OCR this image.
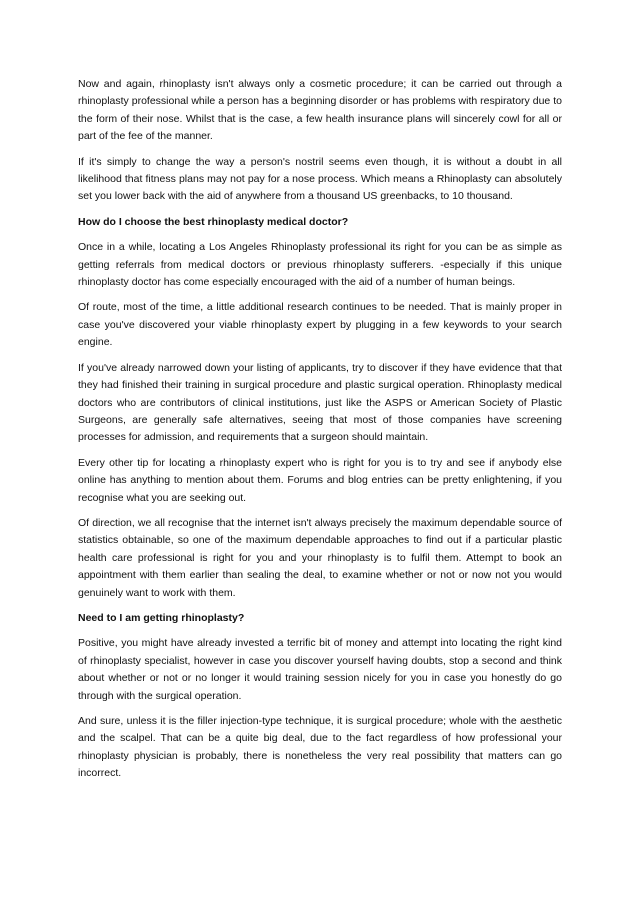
Now and again, rhinoplasty isn't always only a cosmetic procedure; it can be carried out through a rhinoplasty professional while a person has a beginning disorder or has problems with respiratory due to the form of their nose. Whilst that is the case, a few health insurance plans will sincerely cowl for all or part of the fee of the manner.

If it's simply to change the way a person's nostril seems even though, it is without a doubt in all likelihood that fitness plans may not pay for a nose process. Which means a Rhinoplasty can absolutely set you lower back with the aid of anywhere from a thousand US greenbacks, to 10 thousand.

How do I choose the best rhinoplasty medical doctor?

Once in a while, locating a Los Angeles Rhinoplasty professional its right for you can be as simple as getting referrals from medical doctors or previous rhinoplasty sufferers. -especially if this unique rhinoplasty doctor has come especially encouraged with the aid of a number of human beings.

Of route, most of the time, a little additional research continues to be needed. That is mainly proper in case you've discovered your viable rhinoplasty expert by plugging in a few keywords to your search engine.

If you've already narrowed down your listing of applicants, try to discover if they have evidence that that they had finished their training in surgical procedure and plastic surgical operation. Rhinoplasty medical doctors who are contributors of clinical institutions, just like the ASPS or American Society of Plastic Surgeons, are generally safe alternatives, seeing that most of those companies have screening processes for admission, and requirements that a surgeon should maintain.

Every other tip for locating a rhinoplasty expert who is right for you is to try and see if anybody else online has anything to mention about them. Forums and blog entries can be pretty enlightening, if you recognise what you are seeking out.

Of direction, we all recognise that the internet isn't always precisely the maximum dependable source of statistics obtainable, so one of the maximum dependable approaches to find out if a particular plastic health care professional is right for you and your rhinoplasty is to fulfil them. Attempt to book an appointment with them earlier than sealing the deal, to examine whether or not or now not you would genuinely want to work with them.

Need to I am getting rhinoplasty?

Positive, you might have already invested a terrific bit of money and attempt into locating the right kind of rhinoplasty specialist, however in case you discover yourself having doubts, stop a second and think about whether or not or no longer it would training session nicely for you in case you honestly do go through with the surgical operation.

And sure, unless it is the filler injection-type technique, it is surgical procedure; whole with the aesthetic and the scalpel. That can be a quite big deal, due to the fact regardless of how professional your rhinoplasty physician is probably, there is nonetheless the very real possibility that matters can go incorrect.
